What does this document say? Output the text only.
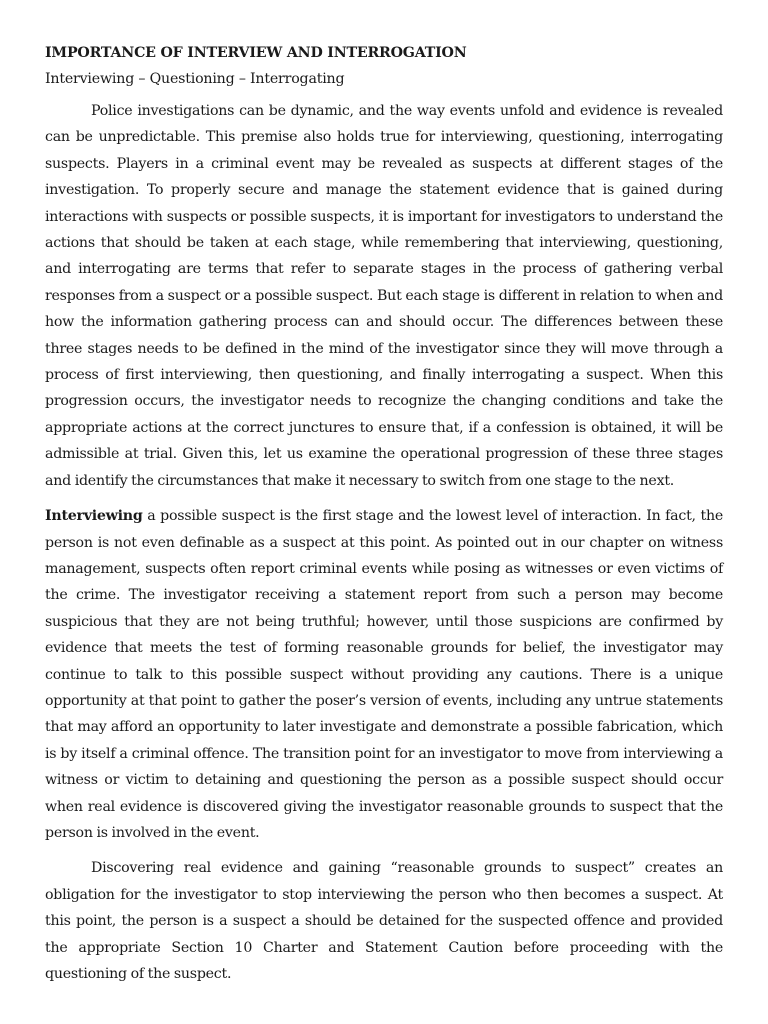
IMPORTANCE OF INTERVIEW AND INTERROGATION

Interviewing – Questioning – Interrogating

Police investigations can be dynamic, and the way events unfold and evidence is revealed can be unpredictable. This premise also holds true for interviewing, questioning, interrogating suspects. Players in a criminal event may be revealed as suspects at different stages of the investigation. To properly secure and manage the statement evidence that is gained during interactions with suspects or possible suspects, it is important for investigators to understand the actions that should be taken at each stage, while remembering that interviewing, questioning, and interrogating are terms that refer to separate stages in the process of gathering verbal responses from a suspect or a possible suspect. But each stage is different in relation to when and how the information gathering process can and should occur. The differences between these three stages needs to be defined in the mind of the investigator since they will move through a process of first interviewing, then questioning, and finally interrogating a suspect. When this progression occurs, the investigator needs to recognize the changing conditions and take the appropriate actions at the correct junctures to ensure that, if a confession is obtained, it will be admissible at trial. Given this, let us examine the operational progression of these three stages and identify the circumstances that make it necessary to switch from one stage to the next.

Interviewing a possible suspect is the first stage and the lowest level of interaction. In fact, the person is not even definable as a suspect at this point. As pointed out in our chapter on witness management, suspects often report criminal events while posing as witnesses or even victims of the crime. The investigator receiving a statement report from such a person may become suspicious that they are not being truthful; however, until those suspicions are confirmed by evidence that meets the test of forming reasonable grounds for belief, the investigator may continue to talk to this possible suspect without providing any cautions. There is a unique opportunity at that point to gather the poser’s version of events, including any untrue statements that may afford an opportunity to later investigate and demonstrate a possible fabrication, which is by itself a criminal offence. The transition point for an investigator to move from interviewing a witness or victim to detaining and questioning the person as a possible suspect should occur when real evidence is discovered giving the investigator reasonable grounds to suspect that the person is involved in the event.

Discovering real evidence and gaining “reasonable grounds to suspect” creates an obligation for the investigator to stop interviewing the person who then becomes a suspect. At this point, the person is a suspect a should be detained for the suspected offence and provided the appropriate Section 10 Charter and Statement Caution before proceeding with the questioning of the suspect.
